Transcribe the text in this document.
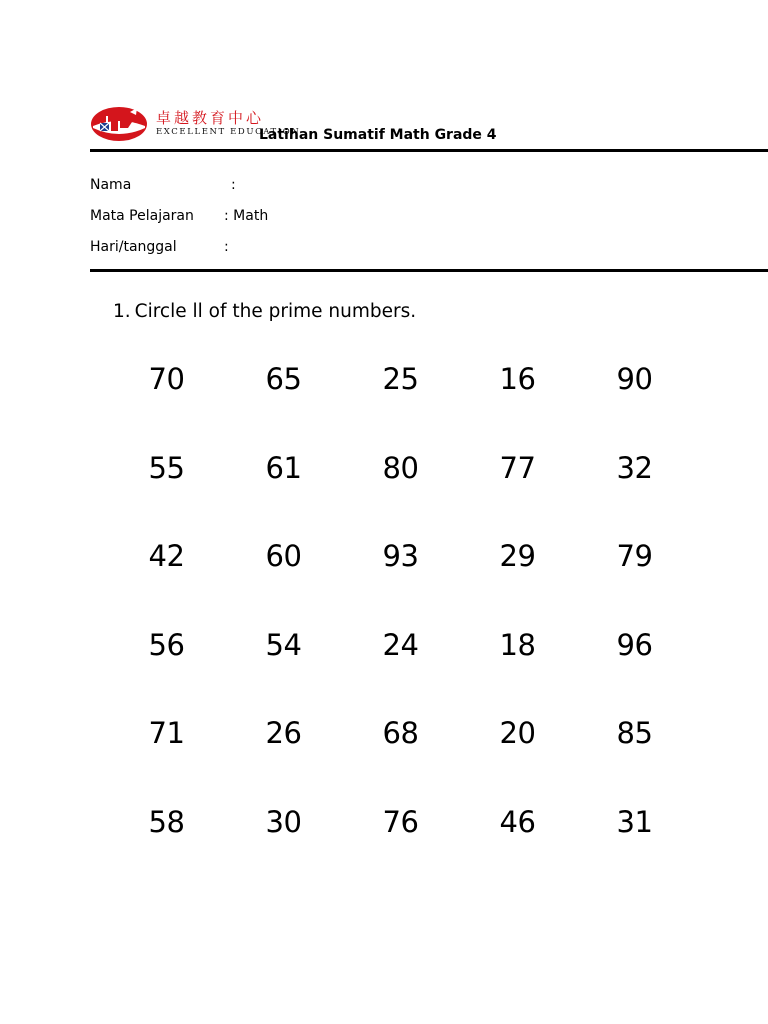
卓越教育中心
EXCELLENT EDUCATION
Latihan Sumatif Math Grade 4
Nama	:
Mata Pelajaran : Math
Hari/tanggal	:
1. Circle ll of the prime numbers.
70	65	25	16	90
55	61	80	77	32
42	60	93	29	79
56	54	24	18	96
71	26	68	20	85
58	30	76	46	31
